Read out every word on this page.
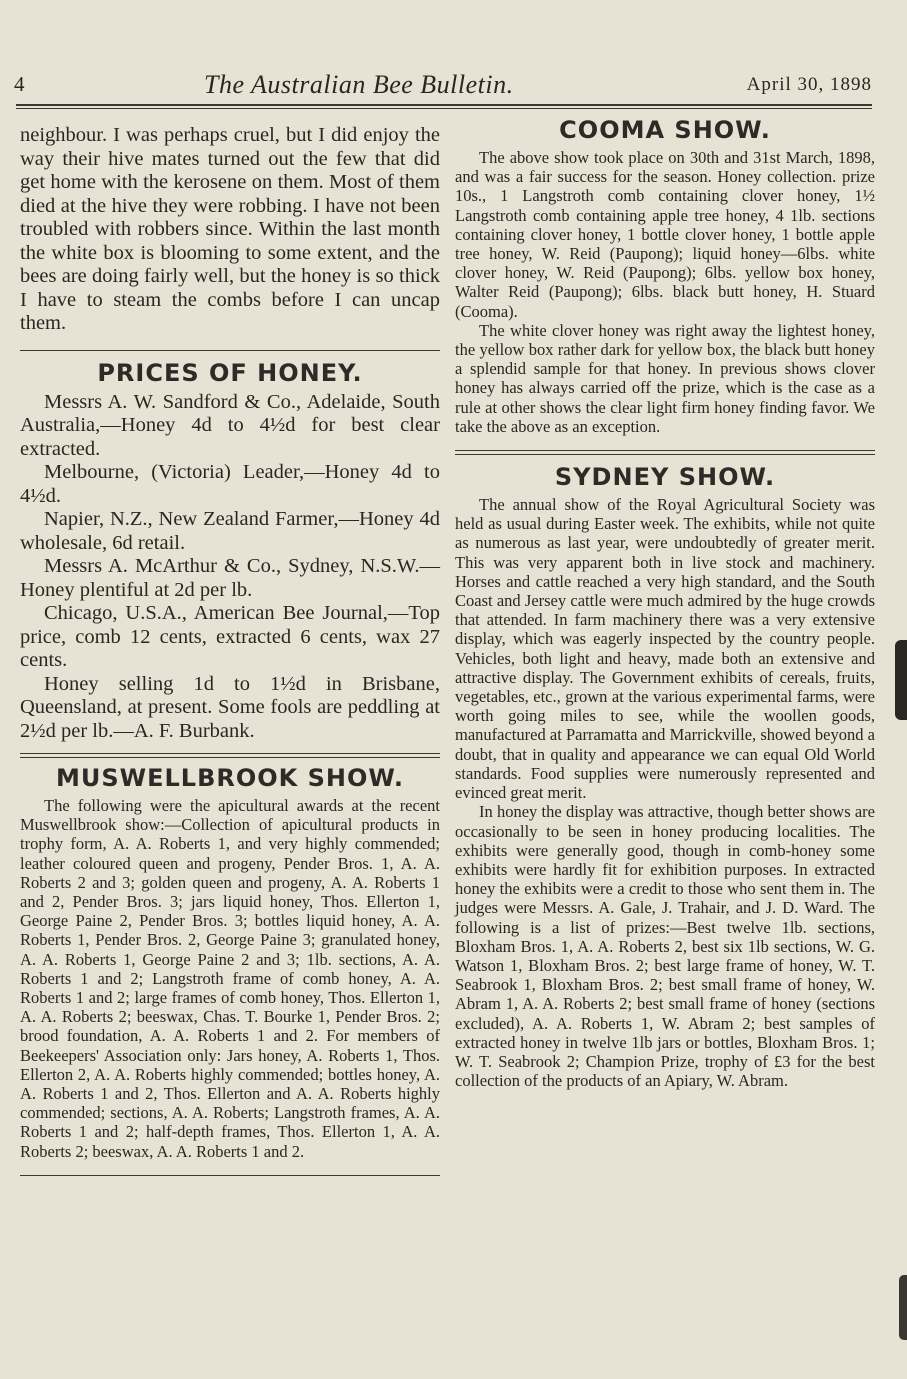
4	The Australian Bee Bulletin.	April 30, 1898

neighbour. I was perhaps cruel, but I did enjoy the way their hive mates turned out the few that did get home with the kerosene on them. Most of them died at the hive they were robbing. I have not been troubled with robbers since. Within the last month the white box is blooming to some extent, and the bees are doing fairly well, but the honey is so thick I have to steam the combs before I can uncap them.

PRICES OF HONEY.

Messrs A. W. Sandford & Co., Adelaide, South Australia,—Honey 4d to 4½d for best clear extracted.

Melbourne, (Victoria) Leader,—Honey 4d to 4½d.

Napier, N.Z., New Zealand Farmer,—Honey 4d wholesale, 6d retail.

Messrs A. McArthur & Co., Sydney, N.S.W.—Honey plentiful at 2d per lb.

Chicago, U.S.A., American Bee Journal,—Top price, comb 12 cents, extracted 6 cents, wax 27 cents.

Honey selling 1d to 1½d in Brisbane, Queensland, at present. Some fools are peddling at 2½d per lb.—A. F. Burbank.

MUSWELLBROOK SHOW.

The following were the apicultural awards at the recent Muswellbrook show:—Collection of apicultural products in trophy form, A. A. Roberts 1, and very highly commended; leather coloured queen and progeny, Pender Bros. 1, A. A. Roberts 2 and 3; golden queen and progeny, A. A. Roberts 1 and 2, Pender Bros. 3; jars liquid honey, Thos. Ellerton 1, George Paine 2, Pender Bros. 3; bottles liquid honey, A. A. Roberts 1, Pender Bros. 2, George Paine 3; granulated honey, A. A. Roberts 1, George Paine 2 and 3; 1lb. sections, A. A. Roberts 1 and 2; Langstroth frame of comb honey, A. A. Roberts 1 and 2; large frames of comb honey, Thos. Ellerton 1, A. A. Roberts 2; beeswax, Chas. T. Bourke 1, Pender Bros. 2; brood foundation, A. A. Roberts 1 and 2. For members of Beekeepers' Association only: Jars honey, A. Roberts 1, Thos. Ellerton 2, A. A. Roberts highly commended; bottles honey, A. A. Roberts 1 and 2, Thos. Ellerton and A. A. Roberts highly commended; sections, A. A. Roberts; Langstroth frames, A. A. Roberts 1 and 2; half-depth frames, Thos. Ellerton 1, A. A. Roberts 2; beeswax, A. A. Roberts 1 and 2.

COOMA SHOW.

The above show took place on 30th and 31st March, 1898, and was a fair success for the season. Honey collection. prize 10s., 1 Langstroth comb containing clover honey, 1½ Langstroth comb containing apple tree honey, 4 1lb. sections containing clover honey, 1 bottle clover honey, 1 bottle apple tree honey, W. Reid (Paupong); liquid honey—6lbs. white clover honey, W. Reid (Paupong); 6lbs. yellow box honey, Walter Reid (Paupong); 6lbs. black butt honey, H. Stuard (Cooma).

The white clover honey was right away the lightest honey, the yellow box rather dark for yellow box, the black butt honey a splendid sample for that honey. In previous shows clover honey has always carried off the prize, which is the case as a rule at other shows the clear light firm honey finding favor. We take the above as an exception.

SYDNEY SHOW.

The annual show of the Royal Agricultural Society was held as usual during Easter week. The exhibits, while not quite as numerous as last year, were undoubtedly of greater merit. This was very apparent both in live stock and machinery. Horses and cattle reached a very high standard, and the South Coast and Jersey cattle were much admired by the huge crowds that attended. In farm machinery there was a very extensive display, which was eagerly inspected by the country people. Vehicles, both light and heavy, made both an extensive and attractive display. The Government exhibits of cereals, fruits, vegetables, etc., grown at the various experimental farms, were worth going miles to see, while the woollen goods, manufactured at Parramatta and Marrickville, showed beyond a doubt, that in quality and appearance we can equal Old World standards. Food supplies were numerously represented and evinced great merit.

In honey the display was attractive, though better shows are occasionally to be seen in honey producing localities. The exhibits were generally good, though in comb-honey some exhibits were hardly fit for exhibition purposes. In extracted honey the exhibits were a credit to those who sent them in. The judges were Messrs. A. Gale, J. Trahair, and J. D. Ward. The following is a list of prizes:—Best twelve 1lb. sections, Bloxham Bros. 1, A. A. Roberts 2, best six 1lb sections, W. G. Watson 1, Bloxham Bros. 2; best large frame of honey, W. T. Seabrook 1, Bloxham Bros. 2; best small frame of honey, W. Abram 1, A. A. Roberts 2; best small frame of honey (sections excluded), A. A. Roberts 1, W. Abram 2; best samples of extracted honey in twelve 1lb jars or bottles, Bloxham Bros. 1; W. T. Seabrook 2; Champion Prize, trophy of £3 for the best collection of the products of an Apiary, W. Abram.
